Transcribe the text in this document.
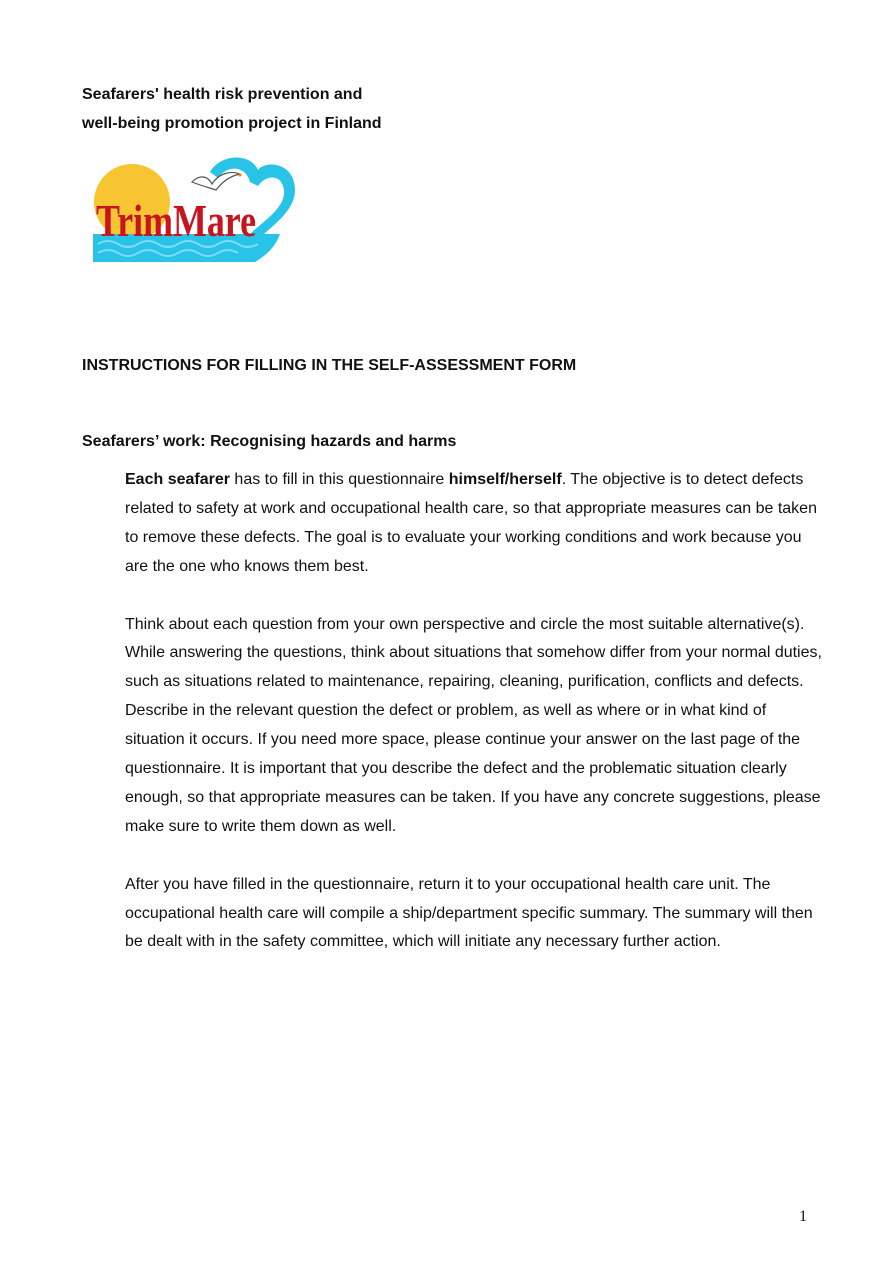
Seafarers' health risk prevention and
well-being promotion project in Finland
TrimMare
INSTRUCTIONS FOR FILLING IN THE SELF-ASSESSMENT FORM
Seafarers’ work: Recognising hazards and harms

Each seafarer has to fill in this questionnaire himself/herself. The objective is to detect defects related to safety at work and occupational health care, so that appropriate measures can be taken to remove these defects. The goal is to evaluate your working conditions and work because you are the one who knows them best.

Think about each question from your own perspective and circle the most suitable alternative(s). While answering the questions, think about situations that somehow differ from your normal duties, such as situations related to maintenance, repairing, cleaning, purification, conflicts and defects. Describe in the relevant question the defect or problem, as well as where or in what kind of situation it occurs. If you need more space, please continue your answer on the last page of the questionnaire. It is important that you describe the defect and the problematic situation clearly enough, so that appropriate measures can be taken. If you have any concrete suggestions, please make sure to write them down as well.

After you have filled in the questionnaire, return it to your occupational health care unit. The occupational health care will compile a ship/department specific summary. The summary will then be dealt with in the safety committee, which will initiate any necessary further action.

1
